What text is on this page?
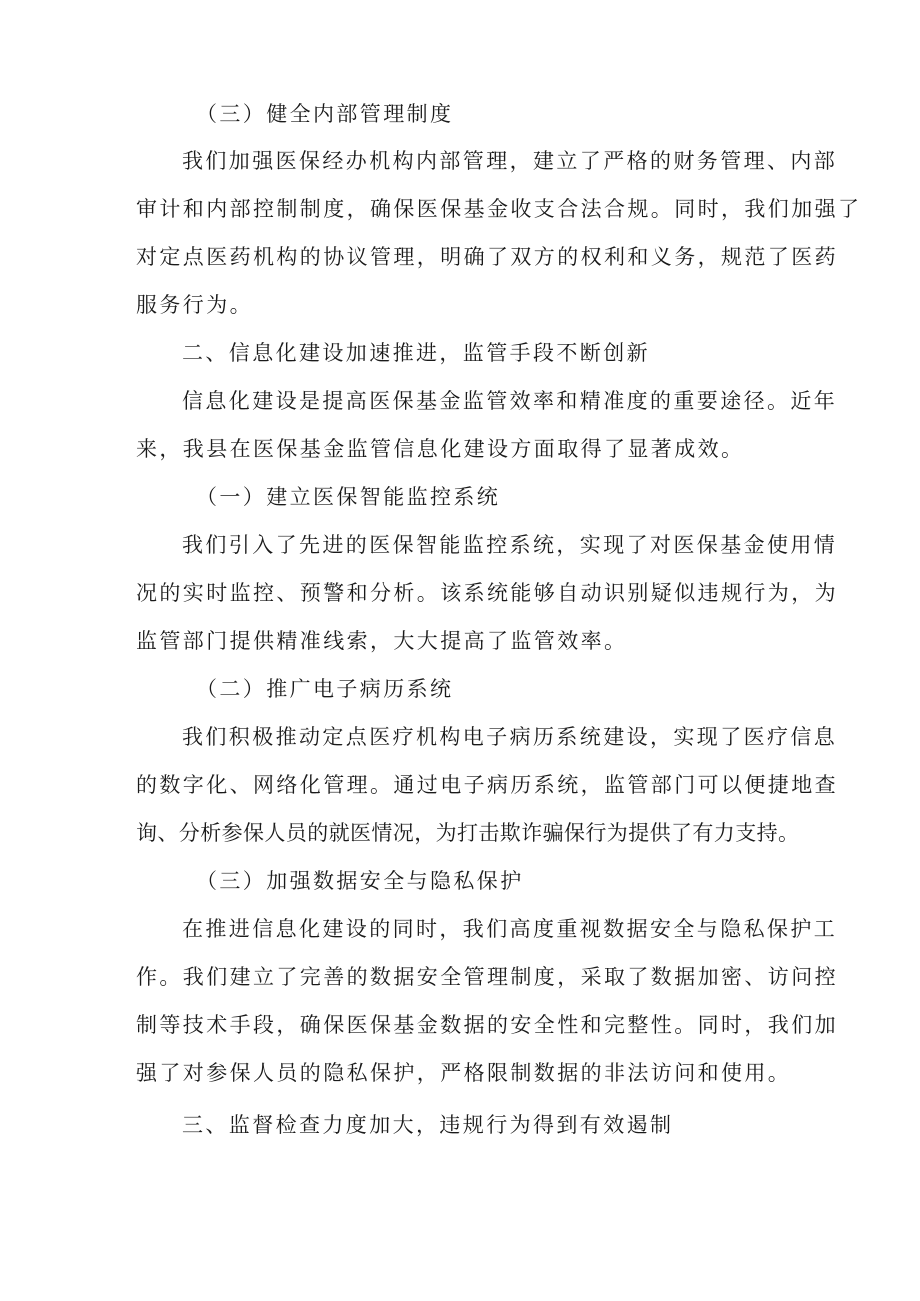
（三）健全内部管理制度

我们加强医保经办机构内部管理，建立了严格的财务管理、内部

审计和内部控制制度，确保医保基金收支合法合规。同时，我们加强了

对定点医药机构的协议管理，明确了双方的权利和义务，规范了医药

服务行为。

二、信息化建设加速推进，监管手段不断创新

信息化建设是提高医保基金监管效率和精准度的重要途径。近年

来，我县在医保基金监管信息化建设方面取得了显著成效。

（一）建立医保智能监控系统

我们引入了先进的医保智能监控系统，实现了对医保基金使用情

况的实时监控、预警和分析。该系统能够自动识别疑似违规行为，为

监管部门提供精准线索，大大提高了监管效率。

（二）推广电子病历系统

我们积极推动定点医疗机构电子病历系统建设，实现了医疗信息

的数字化、网络化管理。通过电子病历系统，监管部门可以便捷地查

询、分析参保人员的就医情况，为打击欺诈骗保行为提供了有力支持。

（三）加强数据安全与隐私保护

在推进信息化建设的同时，我们高度重视数据安全与隐私保护工

作。我们建立了完善的数据安全管理制度，采取了数据加密、访问控

制等技术手段，确保医保基金数据的安全性和完整性。同时，我们加

强了对参保人员的隐私保护，严格限制数据的非法访问和使用。

三、监督检查力度加大，违规行为得到有效遏制
